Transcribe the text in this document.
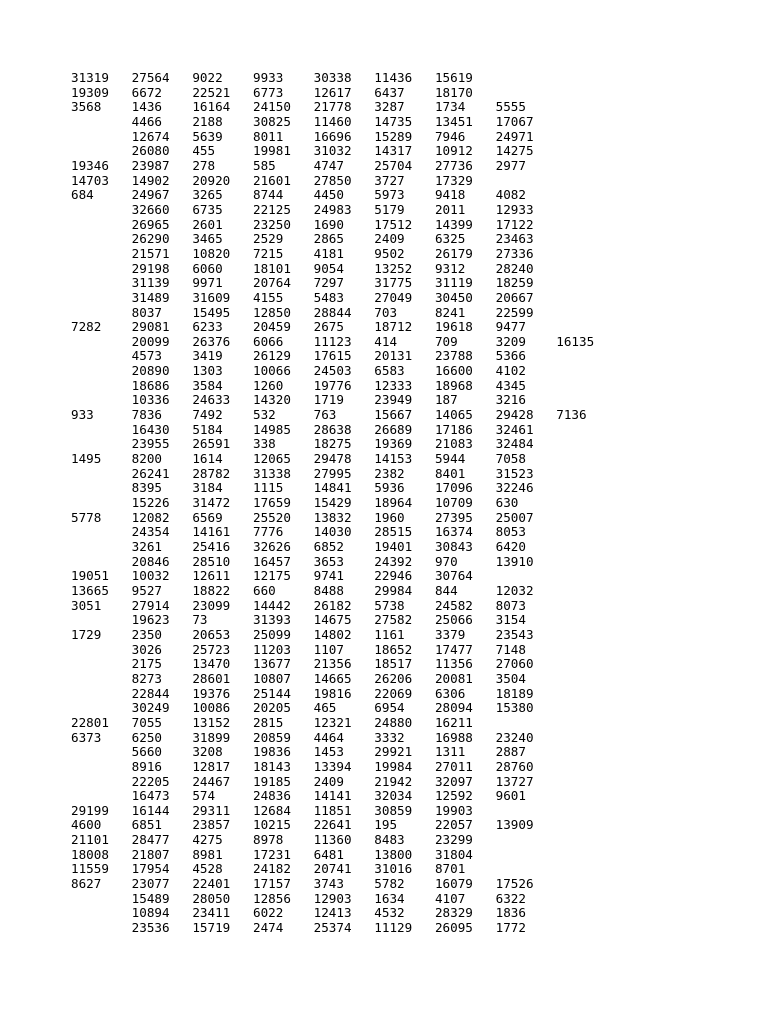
31319	27564	9022	9933	30338	11436	15619
19309	6672	22521	6773	12617	6437	18170
3568	1436	16164	24150	21778	3287	1734	5555
	4466	2188	30825	11460	14735	13451	17067
	12674	5639	8011	16696	15289	7946	24971
	26080	455	19981	31032	14317	10912	14275
19346	23987	278	585	4747	25704	27736	2977
14703	14902	20920	21601	27850	3727	17329
684	24967	3265	8744	4450	5973	9418	4082
	32660	6735	22125	24983	5179	2011	12933
	26965	2601	23250	1690	17512	14399	17122
	26290	3465	2529	2865	2409	6325	23463
	21571	10820	7215	4181	9502	26179	27336
	29198	6060	18101	9054	13252	9312	28240
	31139	9971	20764	7297	31775	31119	18259
	31489	31609	4155	5483	27049	30450	20667
	8037	15495	12850	28844	703	8241	22599
7282	29081	6233	20459	2675	18712	19618	9477
	20099	26376	6066	11123	414	709	3209	16135
	4573	3419	26129	17615	20131	23788	5366
	20890	1303	10066	24503	6583	16600	4102
	18686	3584	1260	19776	12333	18968	4345
	10336	24633	14320	1719	23949	187	3216
933	7836	7492	532	763	15667	14065	29428	7136
	16430	5184	14985	28638	26689	17186	32461
	23955	26591	338	18275	19369	21083	32484
1495	8200	1614	12065	29478	14153	5944	7058
	26241	28782	31338	27995	2382	8401	31523
	8395	3184	1115	14841	5936	17096	32246
	15226	31472	17659	15429	18964	10709	630
5778	12082	6569	25520	13832	1960	27395	25007
	24354	14161	7776	14030	28515	16374	8053
	3261	25416	32626	6852	19401	30843	6420
	20846	28510	16457	3653	24392	970	13910
19051	10032	12611	12175	9741	22946	30764
13665	9527	18822	660	8488	29984	844	12032
3051	27914	23099	14442	26182	5738	24582	8073
	19623	73	31393	14675	27582	25066	3154
1729	2350	20653	25099	14802	1161	3379	23543
	3026	25723	11203	1107	18652	17477	7148
	2175	13470	13677	21356	18517	11356	27060
	8273	28601	10807	14665	26206	20081	3504
	22844	19376	25144	19816	22069	6306	18189
	30249	10086	20205	465	6954	28094	15380
22801	7055	13152	2815	12321	24880	16211
6373	6250	31899	20859	4464	3332	16988	23240
	5660	3208	19836	1453	29921	1311	2887
	8916	12817	18143	13394	19984	27011	28760
	22205	24467	19185	2409	21942	32097	13727
	16473	574	24836	14141	32034	12592	9601
29199	16144	29311	12684	11851	30859	19903
4600	6851	23857	10215	22641	195	22057	13909
21101	28477	4275	8978	11360	8483	23299
18008	21807	8981	17231	6481	13800	31804
11559	17954	4528	24182	20741	31016	8701
8627	23077	22401	17157	3743	5782	16079	17526
	15489	28050	12856	12903	1634	4107	6322
	10894	23411	6022	12413	4532	28329	1836
	23536	15719	2474	25374	11129	26095	1772
